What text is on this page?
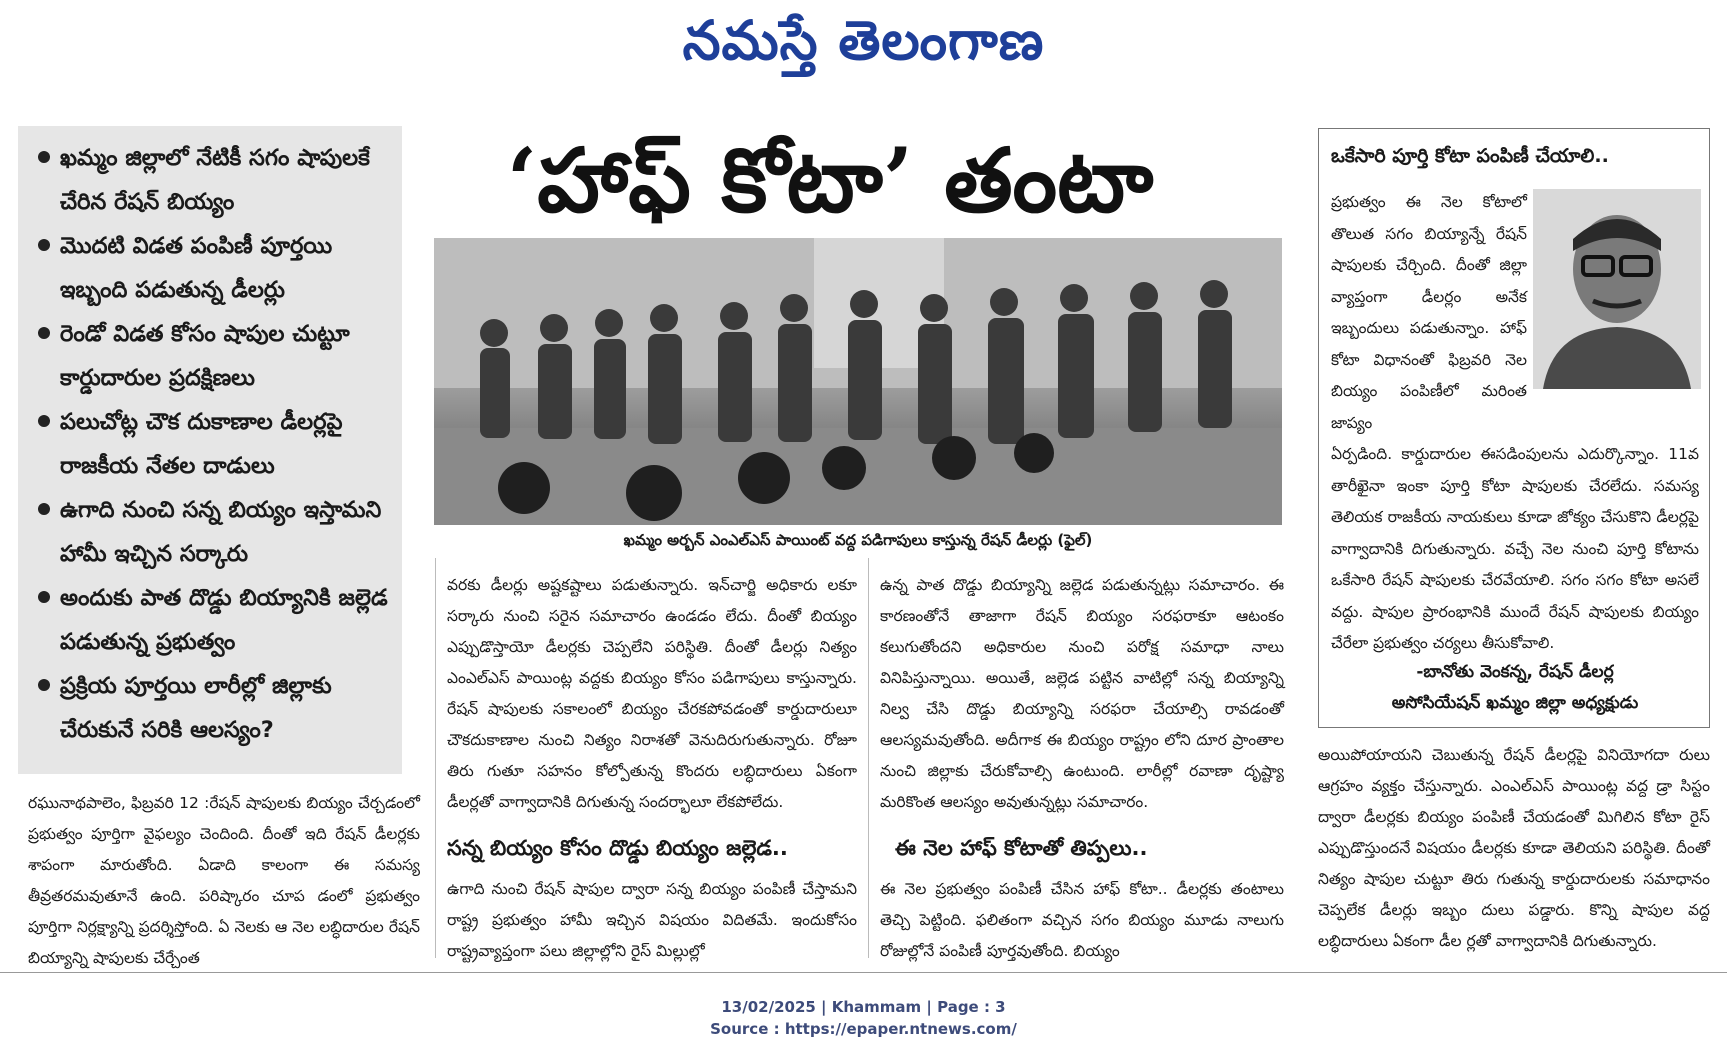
నమస్తే తెలంగాణ
ఖమ్మం జిల్లాలో నేటికీ సగం షాపులకే చేరిన రేషన్ బియ్యం
మొదటి విడత పంపిణీ పూర్తయి ఇబ్బంది పడుతున్న డీలర్లు
రెండో విడత కోసం షాపుల చుట్టూ కార్డుదారుల ప్రదక్షిణలు
పలుచోట్ల చౌక దుకాణాల డీలర్లపై రాజకీయ నేతల దాడులు
ఉగాది నుంచి సన్న బియ్యం ఇస్తామని హామీ ఇచ్చిన సర్కారు
అందుకు పాత దొడ్డు బియ్యానికి జల్లెడ పడుతున్న ప్రభుత్వం
ప్రక్రియ పూర్తయి లారీల్లో జిల్లాకు చేరుకునే సరికి ఆలస్యం?
‘హాఫ్ కోటా’ తంటా
ఖమ్మం అర్బన్ ఎంఎల్ఎస్ పాయింట్ వద్ద పడిగాపులు కాస్తున్న రేషన్ డీలర్లు (ఫైల్)

రఘునాథపాలెం, ఫిబ్రవరి 12 :రేషన్ షాపులకు బియ్యం చేర్చడంలో ప్రభుత్వం పూర్తిగా వైఫల్యం చెందింది. దీంతో ఇది రేషన్ డీలర్లకు శాపంగా మారుతోంది. ఏడాది కాలంగా ఈ సమస్య తీవ్రతరమవుతూనే ఉంది. పరిష్కారం చూప డంలో ప్రభుత్వం పూర్తిగా నిర్లక్ష్యాన్ని ప్రదర్శిస్తోంది. ఏ నెలకు ఆ నెల లబ్ధిదారుల రేషన్ బియ్యాన్ని షాపులకు చేర్చేంత

వరకు డీలర్లు అష్టకష్టాలు పడుతున్నారు. ఇన్‌చార్జి అధికారు లకూ సర్కారు నుంచి సరైన సమాచారం ఉండడం లేదు. దీంతో బియ్యం ఎప్పుడొస్తాయో డీలర్లకు చెప్పలేని పరిస్థితి. దీంతో డీలర్లు నిత్యం ఎంఎల్ఎస్ పాయింట్ల వద్దకు బియ్యం కోసం పడిగాపులు కాస్తున్నారు. రేషన్ షాపులకు సకాలంలో బియ్యం చేరకపోవడంతో కార్డుదారులూ చౌకదుకాణాల నుంచి నిత్యం నిరాశతో వెనుదిరుగుతున్నారు. రోజూ తిరు గుతూ సహనం కోల్పోతున్న కొందరు లబ్ధిదారులు ఏకంగా డీలర్లతో వాగ్వాదానికి దిగుతున్న సందర్భాలూ లేకపోలేదు.

సన్న బియ్యం కోసం దొడ్డు బియ్యం జల్లెడ..

ఉగాది నుంచి రేషన్ షాపుల ద్వారా సన్న బియ్యం పంపిణీ చేస్తామని రాష్ట్ర ప్రభుత్వం హామీ ఇచ్చిన విషయం విదితమే. ఇందుకోసం రాష్ట్రవ్యాప్తంగా పలు జిల్లాల్లోని రైస్ మిల్లుల్లో

ఉన్న పాత దొడ్డు బియ్యాన్ని జల్లెడ పడుతున్నట్లు సమాచారం. ఈ కారణంతోనే తాజాగా రేషన్ బియ్యం సరఫరాకూ ఆటంకం కలుగుతోందని అధికారుల నుంచి పరోక్ష సమాధా నాలు వినిపిస్తున్నాయి. అయితే, జల్లెడ పట్టిన వాటిల్లో సన్న బియ్యాన్ని నిల్వ చేసి దొడ్డు బియ్యాన్ని సరఫరా చేయాల్సి రావడంతో ఆలస్యమవుతోంది. అదీగాక ఈ బియ్యం రాష్ట్రం లోని దూర ప్రాంతాల నుంచి జిల్లాకు చేరుకోవాల్సి ఉంటుంది. లారీల్లో రవాణా దృష్ట్యా మరికొంత ఆలస్యం అవుతున్నట్లు సమాచారం.

ఈ నెల హాఫ్ కోటాతో తిప్పలు..

ఈ నెల ప్రభుత్వం పంపిణీ చేసిన హాఫ్ కోటా.. డీలర్లకు తంటాలు తెచ్చి పెట్టింది. ఫలితంగా వచ్చిన సగం బియ్యం మూడు నాలుగు రోజుల్లోనే పంపిణీ పూర్తవుతోంది. బియ్యం

ఒకేసారి పూర్తి కోటా పంపిణీ చేయాలి..
ప్రభుత్వం ఈ నెల కోటాలో తొలుత సగం బియ్యాన్నే రేషన్ షాపులకు చేర్చింది. దీంతో జిల్లా వ్యాప్తంగా డీలర్లం అనేక ఇబ్బందులు పడుతున్నాం. హాఫ్ కోటా విధానంతో ఫిబ్రవరి నెల బియ్యం పంపిణీలో మరింత జాప్యం
ఏర్పడింది. కార్డుదారుల ఈసడింపులను ఎదుర్కొన్నాం. 11వ తారీఖైనా ఇంకా పూర్తి కోటా షాపులకు చేరలేదు. సమస్య తెలియక రాజకీయ నాయకులు కూడా జోక్యం చేసుకొని డీలర్లపై వాగ్వాదానికి దిగుతున్నారు. వచ్చే నెల నుంచి పూర్తి కోటాను ఒకేసారి రేషన్ షాపులకు చేరవేయాలి. సగం సగం కోటా అసలే వద్దు. షాపుల ప్రారంభానికి ముందే రేషన్ షాపులకు బియ్యం చేరేలా ప్రభుత్వం చర్యలు తీసుకోవాలి.
-బానోతు వెంకన్న, రేషన్ డీలర్ల
అసోసియేషన్ ఖమ్మం జిల్లా అధ్యక్షుడు

అయిపోయాయని చెబుతున్న రేషన్ డీలర్లపై వినియోగదా రులు ఆగ్రహం వ్యక్తం చేస్తున్నారు. ఎంఎల్ఎస్ పాయింట్ల వద్ద డ్రా సిస్టం ద్వారా డీలర్లకు బియ్యం పంపిణీ చేయడంతో మిగిలిన కోటా రైస్ ఎప్పుడొస్తుందనే విషయం డీలర్లకు కూడా తెలియని పరిస్థితి. దీంతో నిత్యం షాపుల చుట్టూ తిరు గుతున్న కార్డుదారులకు సమాధానం చెప్పలేక డీలర్లు ఇబ్బం దులు పడ్డారు. కొన్ని షాపుల వద్ద లబ్ధిదారులు ఏకంగా డీల ర్లతో వాగ్వాదానికి దిగుతున్నారు.

13/02/2025 | Khammam | Page : 3
Source : https://epaper.ntnews.com/
